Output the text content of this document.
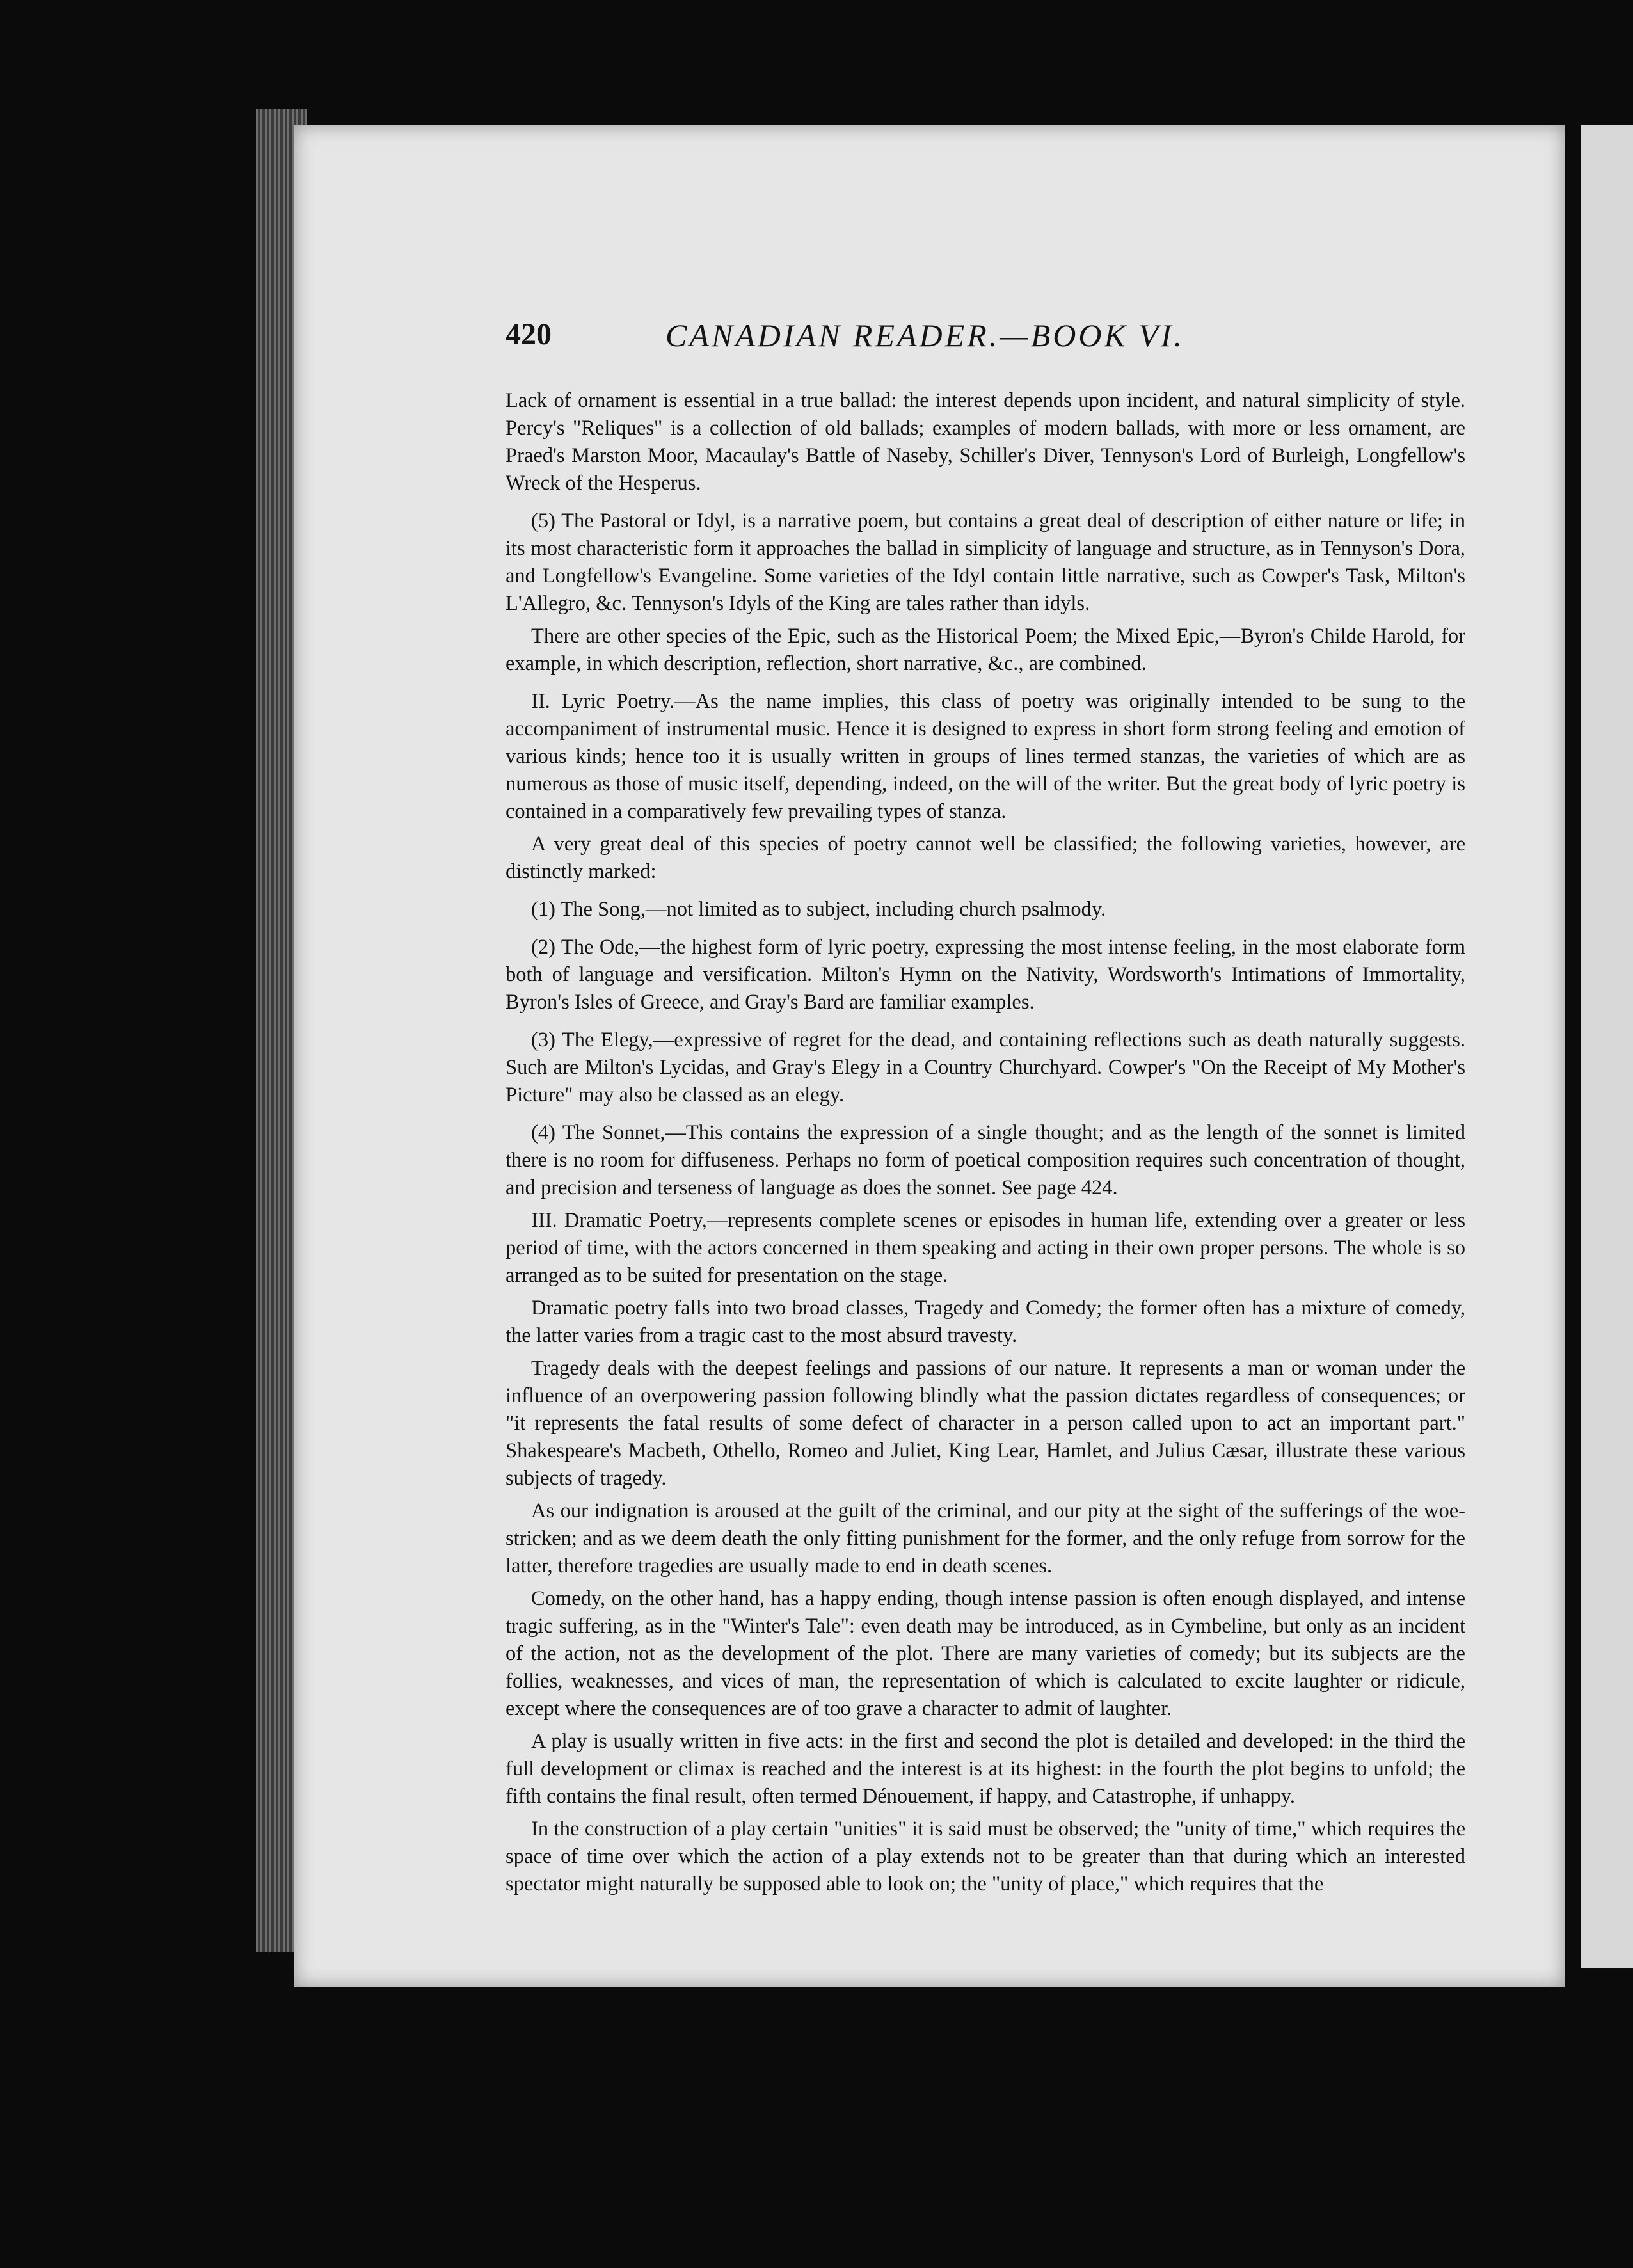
420	CANADIAN READER.—BOOK VI.

Lack of ornament is essential in a true ballad: the interest depends upon incident, and natural simplicity of style. Percy's "Reliques" is a collection of old ballads; examples of modern ballads, with more or less ornament, are Praed's Marston Moor, Macaulay's Battle of Naseby, Schiller's Diver, Tennyson's Lord of Burleigh, Longfellow's Wreck of the Hesperus.

(5) The Pastoral or Idyl, is a narrative poem, but contains a great deal of description of either nature or life; in its most characteristic form it approaches the ballad in simplicity of language and structure, as in Tennyson's Dora, and Longfellow's Evangeline. Some varieties of the Idyl contain little narrative, such as Cowper's Task, Milton's L'Allegro, &c. Tennyson's Idyls of the King are tales rather than idyls.

There are other species of the Epic, such as the Historical Poem; the Mixed Epic,—Byron's Childe Harold, for example, in which description, reflection, short narrative, &c., are combined.

II. Lyric Poetry.—As the name implies, this class of poetry was originally intended to be sung to the accompaniment of instrumental music. Hence it is designed to express in short form strong feeling and emotion of various kinds; hence too it is usually written in groups of lines termed stanzas, the varieties of which are as numerous as those of music itself, depending, indeed, on the will of the writer. But the great body of lyric poetry is contained in a comparatively few prevailing types of stanza.

A very great deal of this species of poetry cannot well be classified; the following varieties, however, are distinctly marked:

(1) The Song,—not limited as to subject, including church psalmody.

(2) The Ode,—the highest form of lyric poetry, expressing the most intense feeling, in the most elaborate form both of language and versification. Milton's Hymn on the Nativity, Wordsworth's Intimations of Immortality, Byron's Isles of Greece, and Gray's Bard are familiar examples.

(3) The Elegy,—expressive of regret for the dead, and containing reflections such as death naturally suggests. Such are Milton's Lycidas, and Gray's Elegy in a Country Churchyard. Cowper's "On the Receipt of My Mother's Picture" may also be classed as an elegy.

(4) The Sonnet,—This contains the expression of a single thought; and as the length of the sonnet is limited there is no room for diffuseness. Perhaps no form of poetical composition requires such concentration of thought, and precision and terseness of language as does the sonnet. See page 424.

III. Dramatic Poetry,—represents complete scenes or episodes in human life, extending over a greater or less period of time, with the actors concerned in them speaking and acting in their own proper persons. The whole is so arranged as to be suited for presentation on the stage.

Dramatic poetry falls into two broad classes, Tragedy and Comedy; the former often has a mixture of comedy, the latter varies from a tragic cast to the most absurd travesty.

Tragedy deals with the deepest feelings and passions of our nature. It represents a man or woman under the influence of an overpowering passion following blindly what the passion dictates regardless of consequences; or "it represents the fatal results of some defect of character in a person called upon to act an important part." Shakespeare's Macbeth, Othello, Romeo and Juliet, King Lear, Hamlet, and Julius Cæsar, illustrate these various subjects of tragedy.

As our indignation is aroused at the guilt of the criminal, and our pity at the sight of the sufferings of the woe-stricken; and as we deem death the only fitting punishment for the former, and the only refuge from sorrow for the latter, therefore tragedies are usually made to end in death scenes.

Comedy, on the other hand, has a happy ending, though intense passion is often enough displayed, and intense tragic suffering, as in the "Winter's Tale": even death may be introduced, as in Cymbeline, but only as an incident of the action, not as the development of the plot. There are many varieties of comedy; but its subjects are the follies, weaknesses, and vices of man, the representation of which is calculated to excite laughter or ridicule, except where the consequences are of too grave a character to admit of laughter.

A play is usually written in five acts: in the first and second the plot is detailed and developed: in the third the full development or climax is reached and the interest is at its highest: in the fourth the plot begins to unfold; the fifth contains the final result, often termed Dénouement, if happy, and Catastrophe, if unhappy.

In the construction of a play certain "unities" it is said must be observed; the "unity of time," which requires the space of time over which the action of a play extends not to be greater than that during which an interested spectator might naturally be supposed able to look on; the "unity of place," which requires that the
